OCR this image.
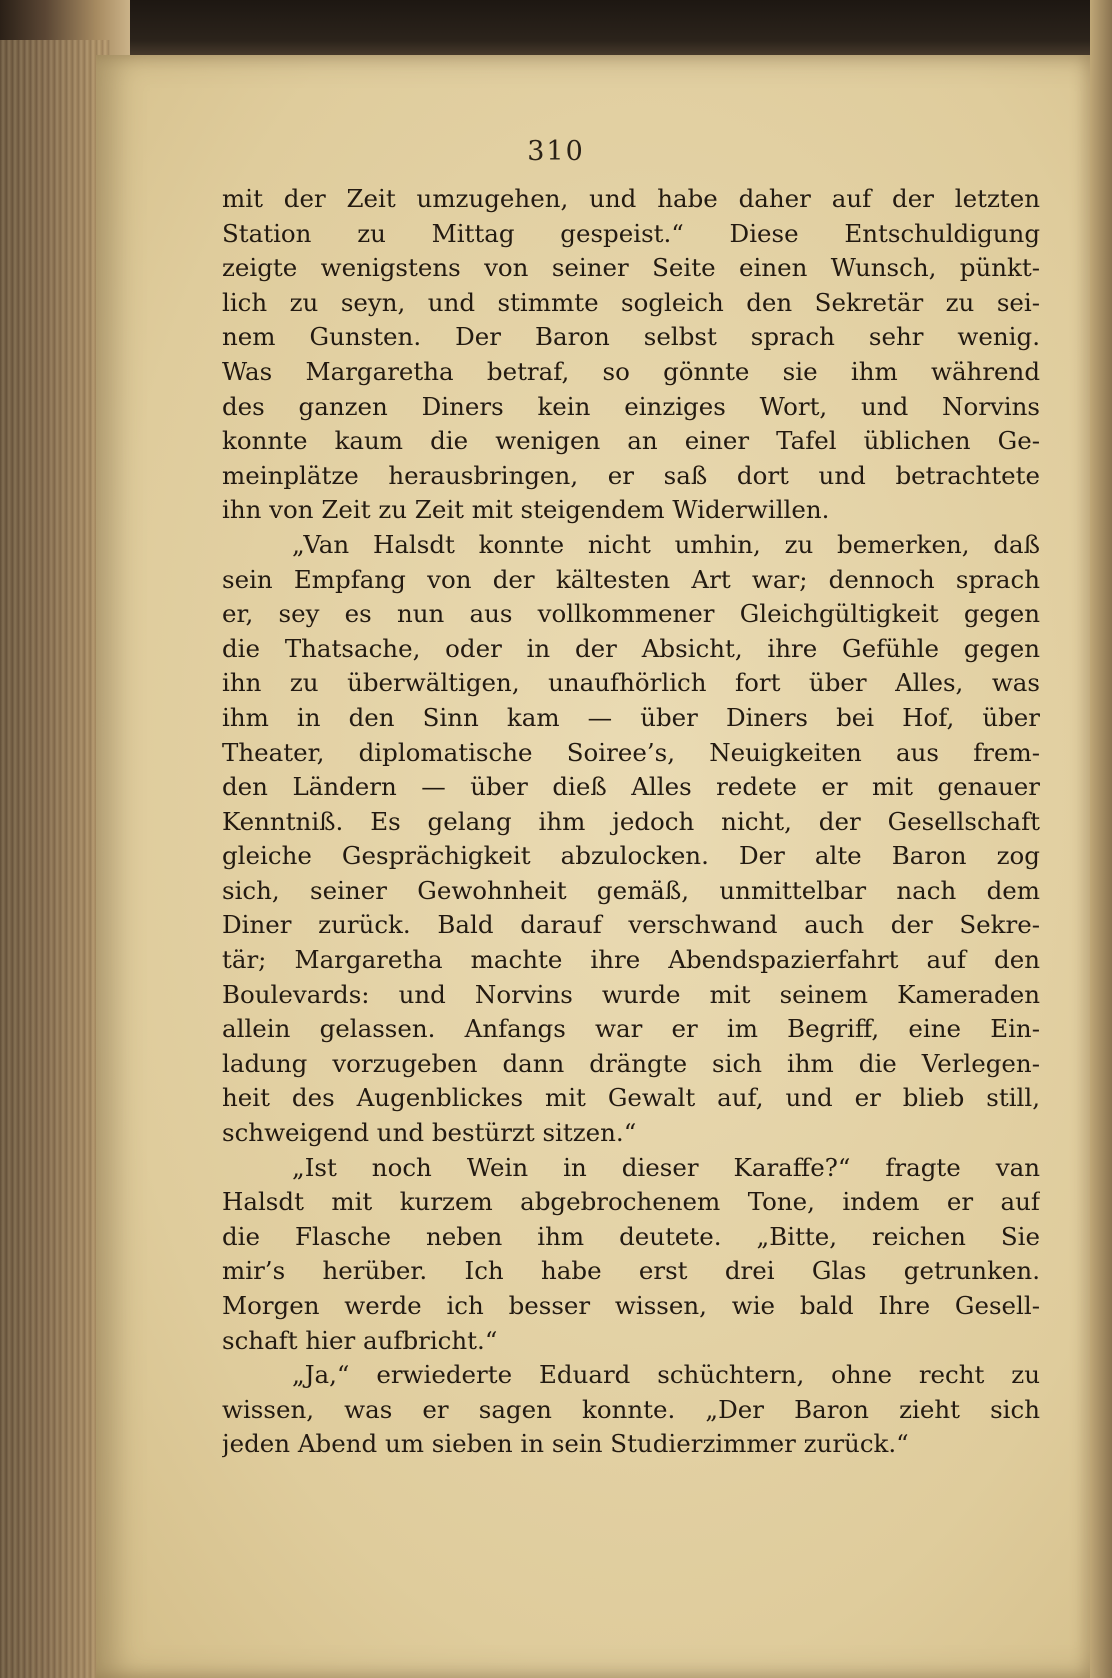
310
mit der Zeit umzugehen, und habe daher auf der letzten
Station zu Mittag gespeist.“ Diese Entschuldigung
zeigte wenigstens von seiner Seite einen Wunsch, pünkt-
lich zu seyn, und stimmte sogleich den Sekretär zu sei-
nem Gunsten. Der Baron selbst sprach sehr wenig.
Was Margaretha betraf, so gönnte sie ihm während
des ganzen Diners kein einziges Wort, und Norvins
konnte kaum die wenigen an einer Tafel üblichen Ge-
meinplätze herausbringen, er saß dort und betrachtete
ihn von Zeit zu Zeit mit steigendem Widerwillen.
„Van Halsdt konnte nicht umhin, zu bemerken, daß
sein Empfang von der kältesten Art war; dennoch sprach
er, sey es nun aus vollkommener Gleichgültigkeit gegen
die Thatsache, oder in der Absicht, ihre Gefühle gegen
ihn zu überwältigen, unaufhörlich fort über Alles, was
ihm in den Sinn kam — über Diners bei Hof, über
Theater, diplomatische Soiree’s, Neuigkeiten aus frem-
den Ländern — über dieß Alles redete er mit genauer
Kenntniß. Es gelang ihm jedoch nicht, der Gesellschaft
gleiche Gesprächigkeit abzulocken. Der alte Baron zog
sich, seiner Gewohnheit gemäß, unmittelbar nach dem
Diner zurück. Bald darauf verschwand auch der Sekre-
tär; Margaretha machte ihre Abendspazierfahrt auf den
Boulevards: und Norvins wurde mit seinem Kameraden
allein gelassen. Anfangs war er im Begriff, eine Ein-
ladung vorzugeben dann drängte sich ihm die Verlegen-
heit des Augenblickes mit Gewalt auf, und er blieb still,
schweigend und bestürzt sitzen.“
„Ist noch Wein in dieser Karaffe?“ fragte van
Halsdt mit kurzem abgebrochenem Tone, indem er auf
die Flasche neben ihm deutete. „Bitte, reichen Sie
mir’s herüber. Ich habe erst drei Glas getrunken.
Morgen werde ich besser wissen, wie bald Ihre Gesell-
schaft hier aufbricht.“
„Ja,“ erwiederte Eduard schüchtern, ohne recht zu
wissen, was er sagen konnte. „Der Baron zieht sich
jeden Abend um sieben in sein Studierzimmer zurück.“
